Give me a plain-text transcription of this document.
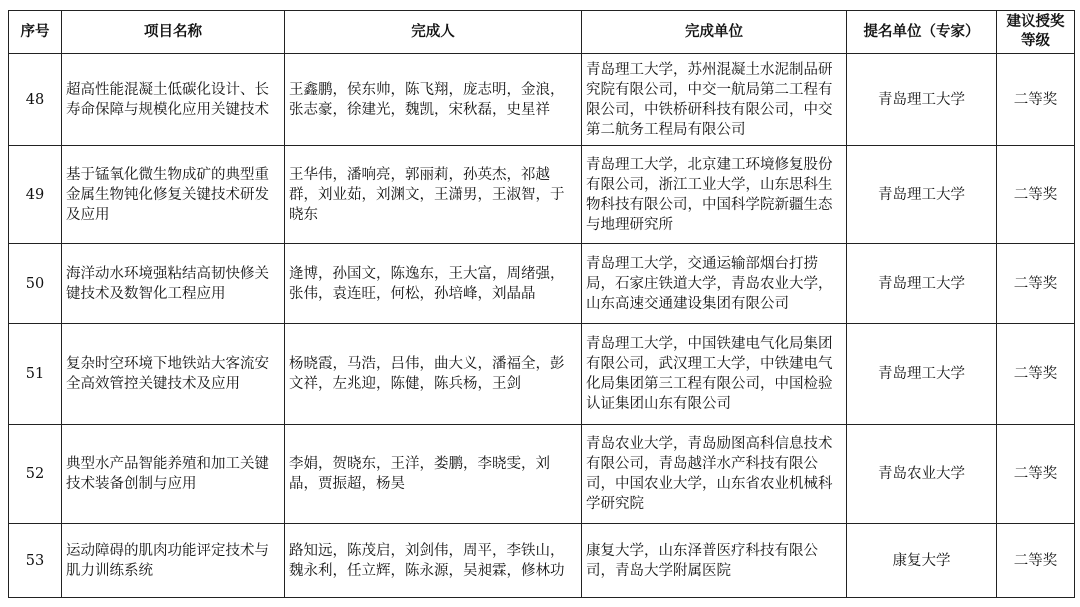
序号	项目名称	完成人	完成单位	提名单位（专家）	建议授奖等级
48	超高性能混凝土低碳化设计、长寿命保障与规模化应用关键技术	王鑫鹏，侯东帅，陈飞翔，庞志明，金浪，张志豪，徐建光，魏凯，宋秋磊，史星祥	青岛理工大学，苏州混凝土水泥制品研究院有限公司，中交一航局第二工程有限公司，中铁桥研科技有限公司，中交第二航务工程局有限公司	青岛理工大学	二等奖
49	基于锰氧化微生物成矿的典型重金属生物钝化修复关键技术研发及应用	王华伟，潘响亮，郭丽莉，孙英杰，祁越群，刘业茹，刘渊文，王潇男，王淑智，于晓东	青岛理工大学，北京建工环境修复股份有限公司，浙江工业大学，山东思科生物科技有限公司，中国科学院新疆生态与地理研究所	青岛理工大学	二等奖
50	海洋动水环境强粘结高韧快修关键技术及数智化工程应用	逄博，孙国文，陈逸东，王大富，周绪强，张伟，袁连旺，何松，孙培峰，刘晶晶	青岛理工大学，交通运输部烟台打捞局，石家庄铁道大学，青岛农业大学，山东高速交通建设集团有限公司	青岛理工大学	二等奖
51	复杂时空环境下地铁站大客流安全高效管控关键技术及应用	杨晓霞，马浩，吕伟，曲大义，潘福全，彭文祥，左兆迎，陈健，陈兵杨，王剑	青岛理工大学，中国铁建电气化局集团有限公司，武汉理工大学，中铁建电气化局集团第三工程有限公司，中国检验认证集团山东有限公司	青岛理工大学	二等奖
52	典型水产品智能养殖和加工关键技术装备创制与应用	李娟，贺晓东，王洋，娄鹏，李晓雯，刘晶，贾振超，杨昊	青岛农业大学，青岛励图高科信息技术有限公司，青岛越洋水产科技有限公司，中国农业大学，山东省农业机械科学研究院	青岛农业大学	二等奖
53	运动障碍的肌肉功能评定技术与肌力训练系统	路知远，陈茂启，刘剑伟，周平，李铁山，魏永利，任立辉，陈永源，吴昶霖，修林功	康复大学，山东泽普医疗科技有限公司，青岛大学附属医院	康复大学	二等奖
